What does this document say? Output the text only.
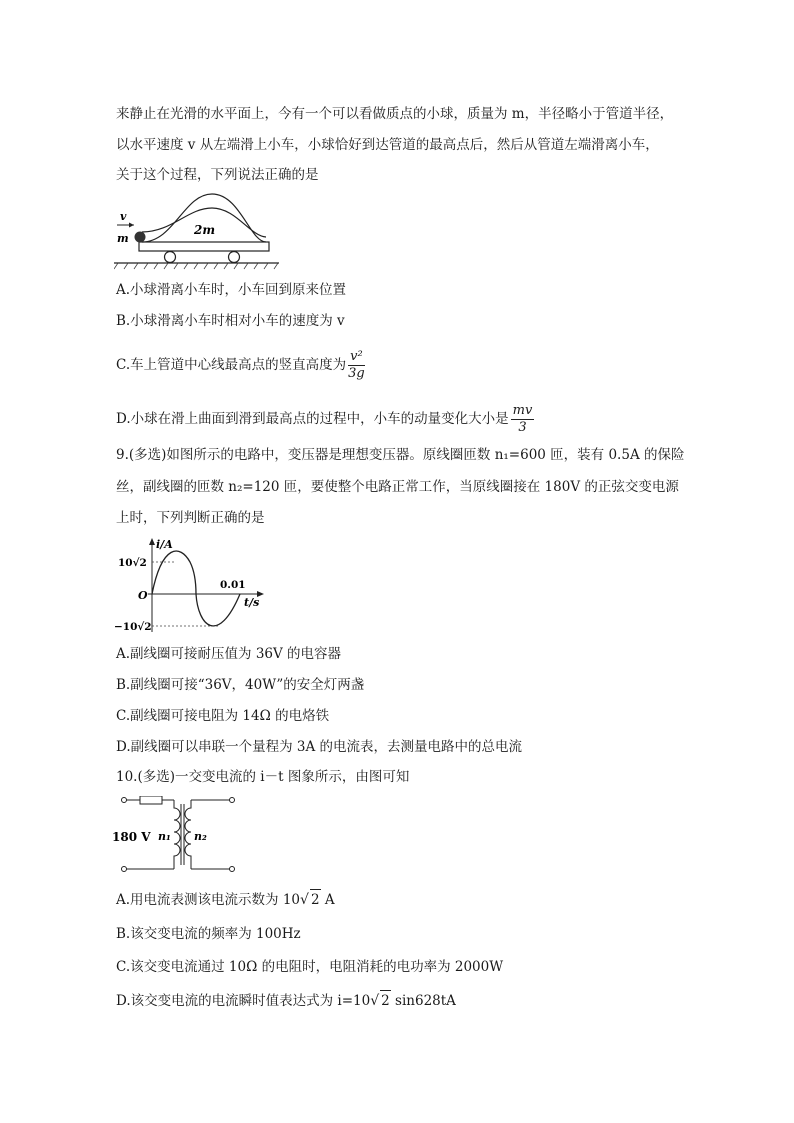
来静止在光滑的水平面上，今有一个可以看做质点的小球，质量为 m，半径略小于管道半径，
以水平速度 v 从左端滑上小车，小球恰好到达管道的最高点后，然后从管道左端滑离小车，
关于这个过程，下列说法正确的是
v
m
2m
A.小球滑离小车时，小车回到原来位置
B.小球滑离小车时相对小车的速度为 v
C.车上管道中心线最高点的竖直高度为 $\frac{\text{v²}}{3g}$
D.小球在滑上曲面到滑到最高点的过程中，小车的动量变化大小是 $\frac{mv}{3}$
9.(多选)如图所示的电路中，变压器是理想变压器。原线圈匝数 n₁=600 匝，装有 0.5A 的保险
丝，副线圈的匝数 n₂=120 匝，要使整个电路正常工作，当原线圈接在 180V 的正弦交变电源
上时，下列判断正确的是
i/A
10√2
−10√2
O
0.01
t/s
A.副线圈可接耐压值为 36V 的电容器
B.副线圈可接“36V，40W”的安全灯两盏
C.副线圈可接电阻为 14Ω 的电烙铁
D.副线圈可以串联一个量程为 3A 的电流表，去测量电路中的总电流
10.(多选)一交变电流的 i－t 图象所示，由图可知
180 V n₁ n₂
A.用电流表测该电流示数为 10√ 2 A
B.该交变电流的频率为 100Hz
C.该交变电流通过 10Ω 的电阻时，电阻消耗的电功率为 2000W
D.该交变电流的电流瞬时值表达式为 i=10√ 2 sin628tA
